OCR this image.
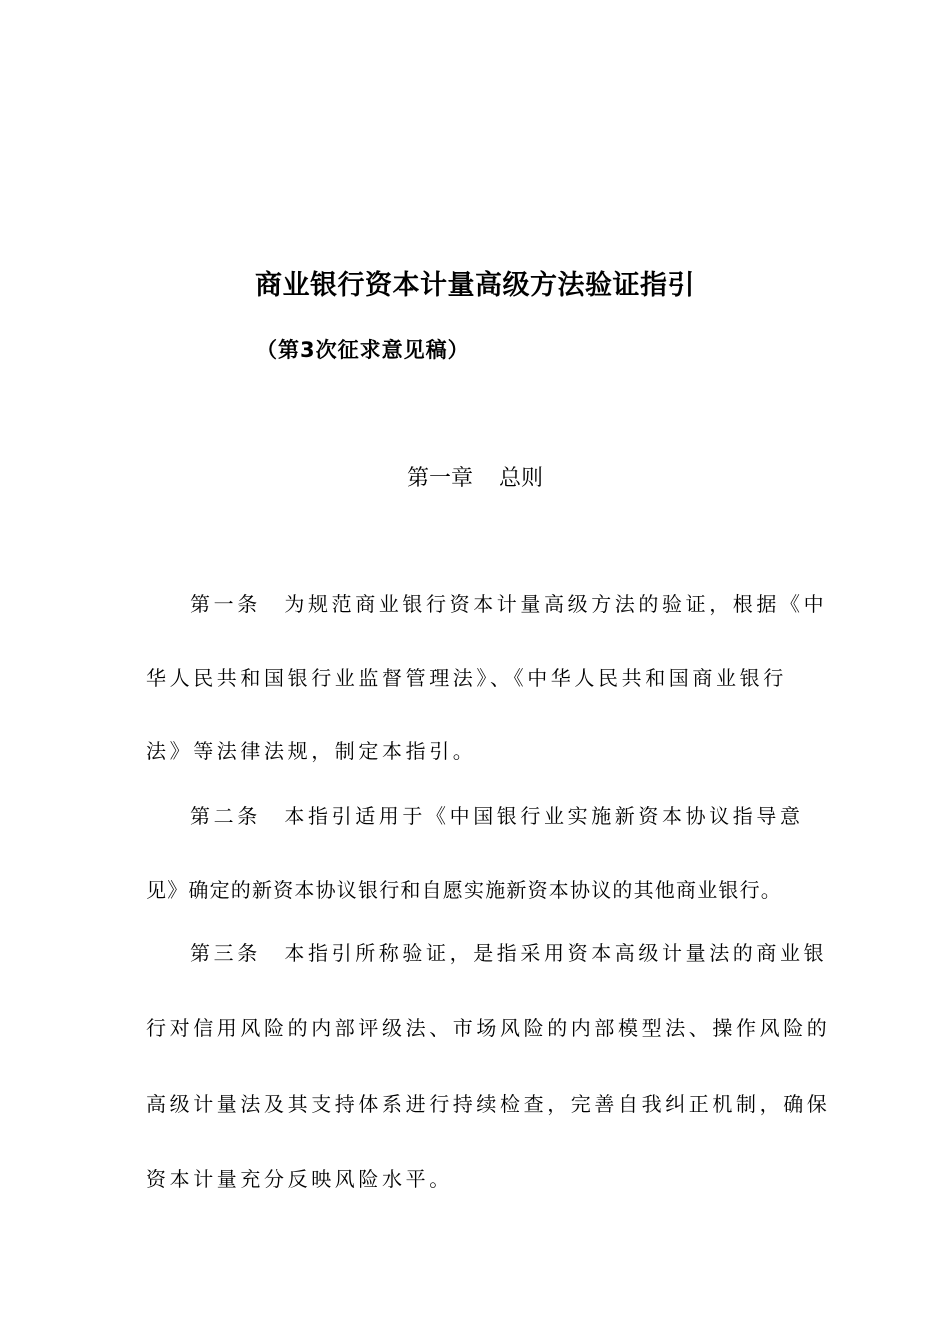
商业银行资本计量高级方法验证指引
（第3次征求意见稿）
第一章 总则
第一条　为规范商业银行资本计量高级方法的验证，根据《中
华人民共和国银行业监督管理法》、《中华人民共和国商业银行
法》等法律法规，制定本指引。
第二条　本指引适用于《中国银行业实施新资本协议指导意
见》确定的新资本协议银行和自愿实施新资本协议的其他商业银行。
第三条　本指引所称验证，是指采用资本高级计量法的商业银
行对信用风险的内部评级法、市场风险的内部模型法、操作风险的
高级计量法及其支持体系进行持续检查，完善自我纠正机制，确保
资本计量充分反映风险水平。
